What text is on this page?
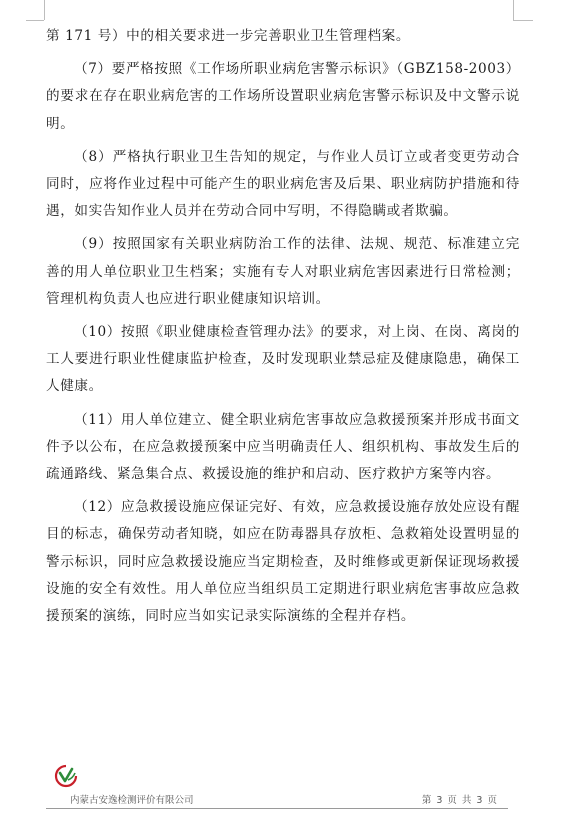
第 171 号）中的相关要求进一步完善职业卫生管理档案。

（7）要严格按照《工作场所职业病危害警示标识》（GBZ158-2003）的要求在存在职业病危害的工作场所设置职业病危害警示标识及中文警示说明。

（8）严格执行职业卫生告知的规定，与作业人员订立或者变更劳动合同时，应将作业过程中可能产生的职业病危害及后果、职业病防护措施和待遇，如实告知作业人员并在劳动合同中写明，不得隐瞒或者欺骗。

（9）按照国家有关职业病防治工作的法律、法规、规范、标准建立完善的用人单位职业卫生档案；实施有专人对职业病危害因素进行日常检测；管理机构负责人也应进行职业健康知识培训。

（10）按照《职业健康检查管理办法》的要求，对上岗、在岗、离岗的工人要进行职业性健康监护检查，及时发现职业禁忌症及健康隐患，确保工人健康。

（11）用人单位建立、健全职业病危害事故应急救援预案并形成书面文件予以公布，在应急救援预案中应当明确责任人、组织机构、事故发生后的疏通路线、紧急集合点、救援设施的维护和启动、医疗救护方案等内容。

（12）应急救援设施应保证完好、有效，应急救援设施存放处应设有醒目的标志，确保劳动者知晓，如应在防毒器具存放柜、急救箱处设置明显的警示标识，同时应急救援设施应当定期检查，及时维修或更新保证现场救援设施的安全有效性。用人单位应当组织员工定期进行职业病危害事故应急救援预案的演练，同时应当如实记录实际演练的全程并存档。

内蒙古安逸检测评价有限公司	第 3 页 共 3 页
